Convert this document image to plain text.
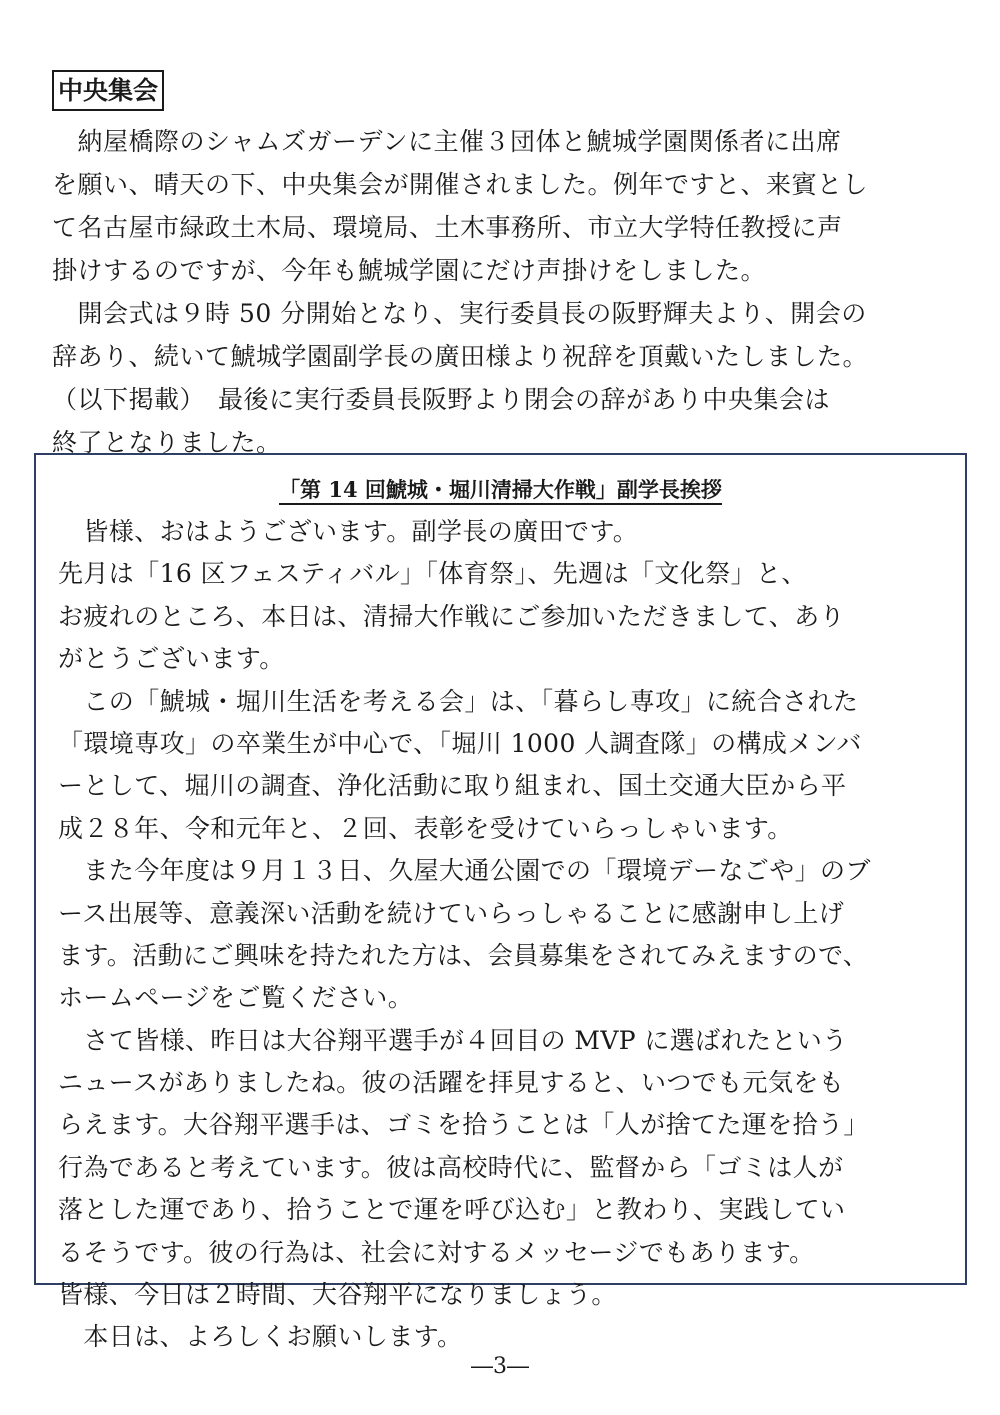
中央集会
　納屋橋際のシャムズガーデンに主催３団体と鯱城学園関係者に出席
を願い、晴天の下、中央集会が開催されました。例年ですと、来賓とし
て名古屋市緑政土木局、環境局、土木事務所、市立大学特任教授に声
掛けするのですが、今年も鯱城学園にだけ声掛けをしました。
　開会式は９時 50 分開始となり、実行委員長の阪野輝夫より、開会の
辞あり、続いて鯱城学園副学長の廣田様より祝辞を頂戴いたしました。
（以下掲載）　最後に実行委員長阪野より閉会の辞があり中央集会は
終了となりました。
「第 14 回鯱城・堀川清掃大作戦」副学長挨拶
　皆様、おはようございます。副学長の廣田です。
先月は「16 区フェスティバル」「体育祭」、先週は「文化祭」と、
お疲れのところ、本日は、清掃大作戦にご参加いただきまして、あり
がとうございます。
　この「鯱城・堀川生活を考える会」は、「暮らし専攻」に統合された
「環境専攻」の卒業生が中心で、「堀川 1000 人調査隊」の構成メンバ
ーとして、堀川の調査、浄化活動に取り組まれ、国土交通大臣から平
成２８年、令和元年と、２回、表彰を受けていらっしゃいます。
　また今年度は９月１３日、久屋大通公園での「環境デーなごや」のブ
ース出展等、意義深い活動を続けていらっしゃることに感謝申し上げ
ます。活動にご興味を持たれた方は、会員募集をされてみえますので、
ホームページをご覧ください。
　さて皆様、昨日は大谷翔平選手が４回目の MVP に選ばれたという
ニュースがありましたね。彼の活躍を拝見すると、いつでも元気をも
らえます。大谷翔平選手は、ゴミを拾うことは「人が捨てた運を拾う」
行為であると考えています。彼は高校時代に、監督から「ゴミは人が
落とした運であり、拾うことで運を呼び込む」と教わり、実践してい
るそうです。彼の行為は、社会に対するメッセージでもあります。
皆様、今日は２時間、大谷翔平になりましょう。
　本日は、よろしくお願いします。
―3―
